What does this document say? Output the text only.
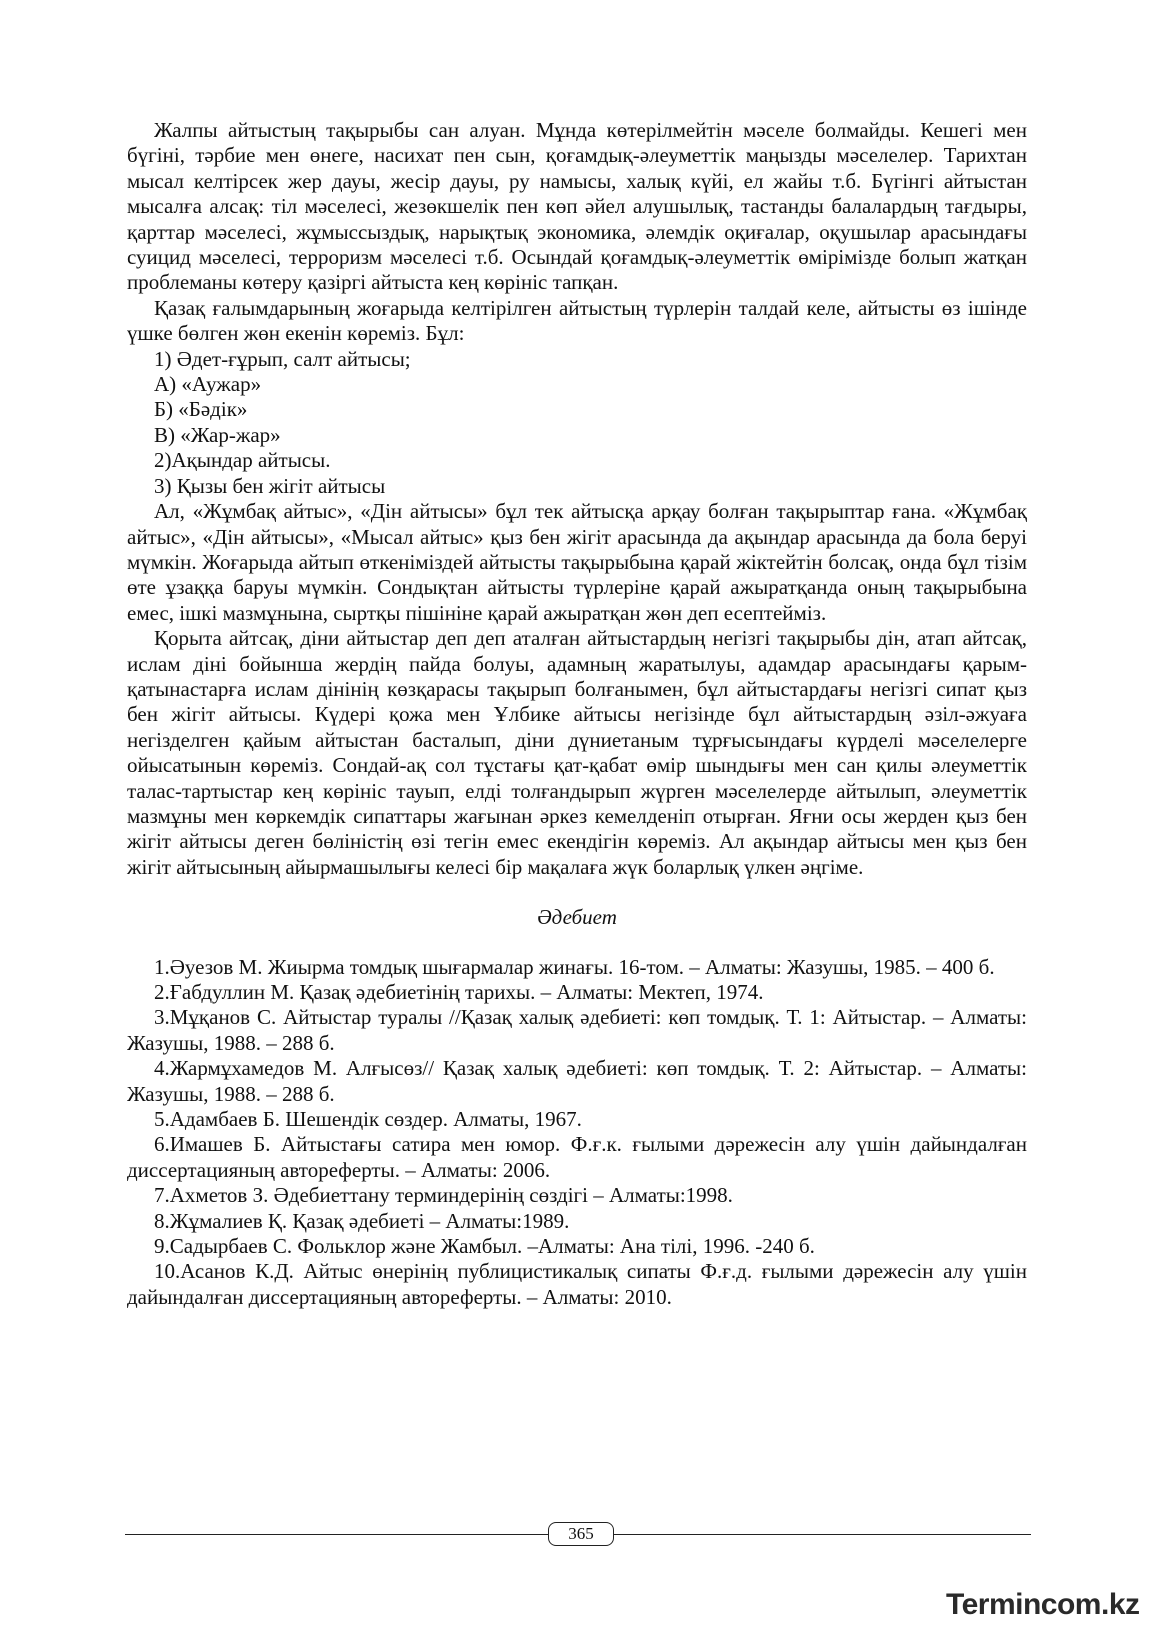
Жалпы айтыстың тақырыбы сан алуан. Мұнда көтерілмейтін мәселе болмайды. Кешегі мен бүгіні, тәрбие мен өнеге, насихат пен сын, қоғамдық-әлеуметтік маңызды мәселелер. Тарихтан мысал келтірсек жер дауы, жесір дауы, ру намысы, халық күйі, ел жайы т.б. Бүгінгі айтыстан мысалға алсақ: тіл мәселесі, жезөкшелік пен көп әйел алушылық, тастанды балалардың тағдыры, қарттар мәселесі, жұмыссыздық, нарықтық экономика, әлемдік оқиғалар, оқушылар арасындағы суицид мәселесі, терроризм мәселесі т.б. Осындай қоғамдық-әлеуметтік өмірімізде болып жатқан проблеманы көтеру қазіргі айтыста кең көрініс тапқан.

Қазақ ғалымдарының жоғарыда келтірілген айтыстың түрлерін талдай келе, айтысты өз ішінде үшке бөлген жөн екенін көреміз. Бұл:

1) Әдет-ғұрып, салт айтысы;

А) «Аужар»

Б) «Бәдік»

В) «Жар-жар»

2)Ақындар айтысы.

3) Қызы бен жігіт айтысы

Ал, «Жұмбақ айтыс», «Дін айтысы» бұл тек айтысқа арқау болған тақырыптар ғана. «Жұмбақ айтыс», «Дін айтысы», «Мысал айтыс» қыз бен жігіт арасында да ақындар арасында да бола беруі мүмкін. Жоғарыда айтып өткеніміздей айтысты тақырыбына қарай жіктейтін болсақ, онда бұл тізім өте ұзаққа баруы мүмкін. Сондықтан айтысты түрлеріне қарай ажыратқанда оның тақырыбына емес, ішкі мазмұнына, сыртқы пішініне қарай ажыратқан жөн деп есептейміз.

Қорыта айтсақ, діни айтыстар деп деп аталған айтыстардың негізгі тақырыбы дін, атап айтсақ, ислам діні бойынша жердің пайда болуы, адамның жаратылуы, адамдар арасындағы қарым-қатынастарға ислам дінінің көзқарасы тақырып болғанымен, бұл айтыстардағы негізгі сипат қыз бен жігіт айтысы. Күдері қожа мен Ұлбике айтысы негізінде бұл айтыстардың әзіл-әжуаға негізделген қайым айтыстан басталып, діни дүниетаным тұрғысындағы күрделі мәселелерге ойысатынын көреміз. Сондай-ақ сол тұстағы қат-қабат өмір шындығы мен сан қилы әлеуметтік талас-тартыстар кең көрініс тауып, елді толғандырып жүрген мәселелерде айтылып, әлеуметтік мазмұны мен көркемдік сипаттары жағынан әркез кемелденіп отырған. Яғни осы жерден қыз бен жігіт айтысы деген бөліністің өзі тегін емес екендігін көреміз. Ал ақындар айтысы мен қыз бен жігіт айтысының айырмашылығы келесі бір мақалаға жүк боларлық үлкен әңгіме.

Әдебиет

1.Әуезов М. Жиырма томдық шығармалар жинағы. 16-том. – Алматы: Жазушы, 1985. – 400 б.

2.Ғабдуллин М. Қазақ әдебиетінің тарихы. – Алматы: Мектеп, 1974.

3.Мұқанов С. Айтыстар туралы //Қазақ халық әдебиеті: көп томдық. Т. 1: Айтыстар. – Алматы: Жазушы, 1988. – 288 б.

4.Жармұхамедов М. Алғысөз// Қазақ халық әдебиеті: көп томдық. Т. 2: Айтыстар. – Алматы: Жазушы, 1988. – 288 б.

5.Адамбаев Б. Шешендік сөздер. Алматы, 1967.

6.Имашев Б. Айтыстағы сатира мен юмор. Ф.ғ.к. ғылыми дәрежесін алу үшін дайындалған диссертацияның автореферты. – Алматы: 2006.

7.Ахметов З. Әдебиеттану терминдерінің сөздігі – Алматы:1998.

8.Жұмалиев Қ. Қазақ әдебиеті – Алматы:1989.

9.Садырбаев С. Фольклор және Жамбыл. –Алматы: Ана тілі, 1996. -240 б.

10.Асанов К.Д. Айтыс өнерінің публицистикалық сипаты Ф.ғ.д. ғылыми дәрежесін алу үшін дайындалған диссертацияның автореферты. – Алматы: 2010.

365
Termincom.kz
